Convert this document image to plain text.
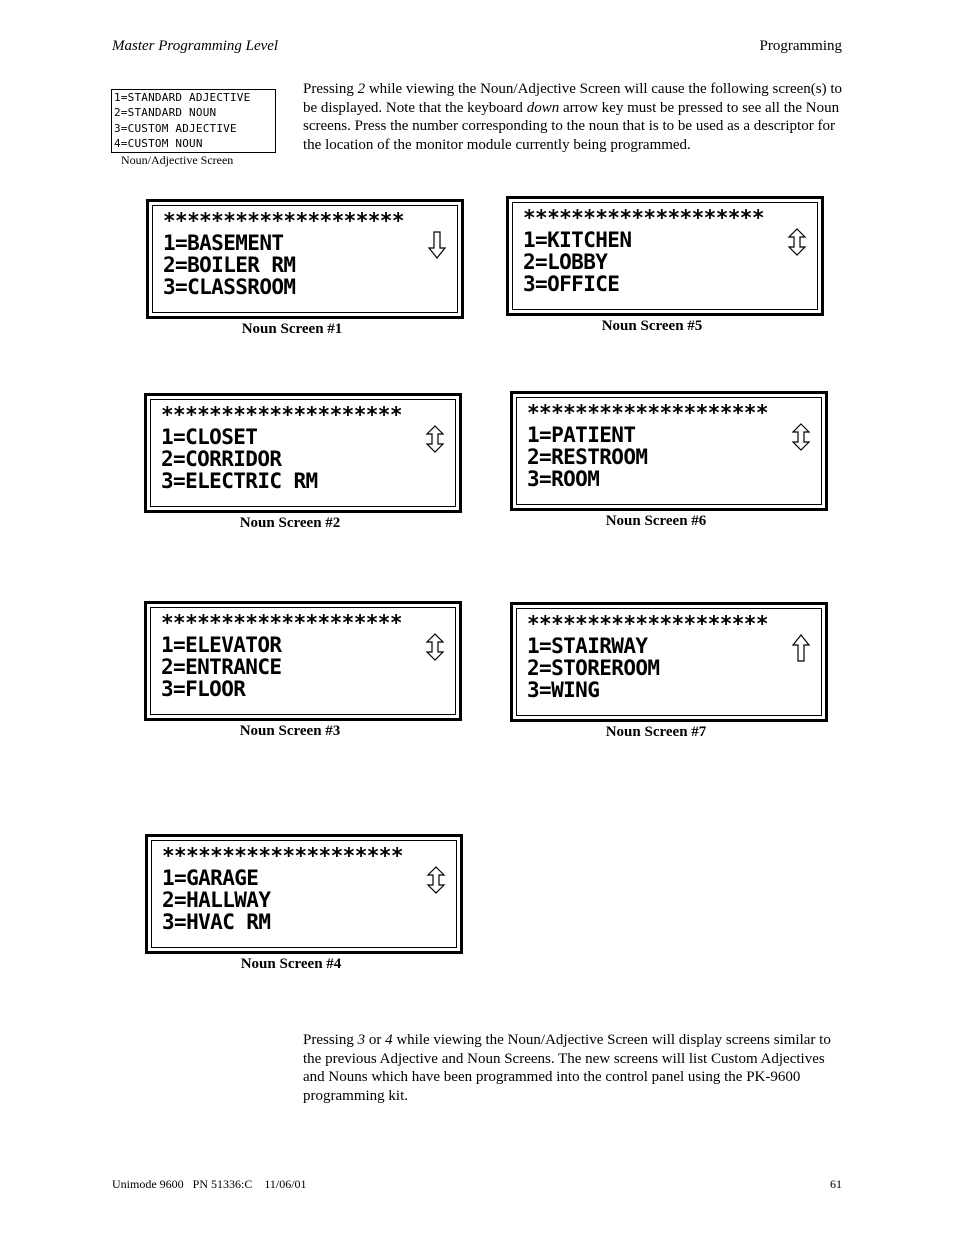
Master Programming Level	Programming
1=STANDARD ADJECTIVE
2=STANDARD NOUN
3=CUSTOM ADJECTIVE
4=CUSTOM NOUN
Noun/Adjective Screen
Pressing 2 while viewing the Noun/Adjective Screen will cause the following screen(s) to be displayed. Note that the keyboard down arrow key must be pressed to see all the Noun screens. Press the number corresponding to the noun that is to be used as a descriptor for the location of the monitor module currently being programmed.
********************
1=BASEMENT
2=BOILER RM
3=CLASSROOM
Noun Screen #1
********************
1=CLOSET
2=CORRIDOR
3=ELECTRIC RM
Noun Screen #2
********************
1=ELEVATOR
2=ENTRANCE
3=FLOOR
Noun Screen #3
********************
1=GARAGE
2=HALLWAY
3=HVAC RM
Noun Screen #4
********************
1=KITCHEN
2=LOBBY
3=OFFICE
Noun Screen #5
********************
1=PATIENT
2=RESTROOM
3=ROOM
Noun Screen #6
********************
1=STAIRWAY
2=STOREROOM
3=WING
Noun Screen #7
Pressing 3 or 4 while viewing the Noun/Adjective Screen will display screens similar to the previous Adjective and Noun Screens. The new screens will list Custom Adjectives and Nouns which have been programmed into the control panel using the PK-9600 programming kit.
Unimode 9600   PN 51336:C    11/06/01	61
